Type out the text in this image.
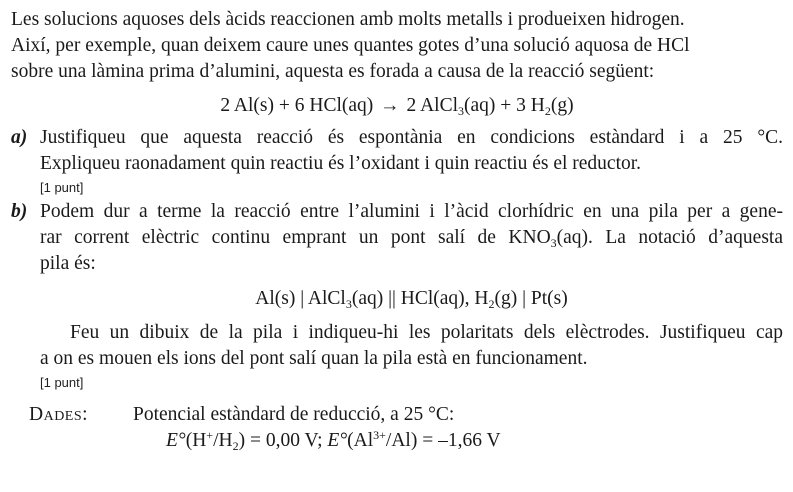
Les solucions aquoses dels àcids reaccionen amb molts metalls i produeixen hidrogen.
Així, per exemple, quan deixem caure unes quantes gotes d’una solució aquosa de HCl
sobre una làmina prima d’alumini, aquesta es forada a causa de la reacció següent:

2 Al(s) + 6 HCl(aq) → 2 AlCl$_3$(aq) + 3 $H_2(g)$
a) Justifiqueu que aquesta reacció és espontània en condicions estàndard i a 25 °C.
Expliqueu raonadament quin reactiu és l’oxidant i quin reactiu és el reductor.
[1 punt]
b) Podem dur a terme la reacció entre l’alumini i l’àcid clorhídric en una pila per a gene-
rar corrent elèctric continu emprant un pont salí de $KNO_3(aq)$. La notació d’aquesta
pila és:
Al(s) | AlCl$_3$(aq) || HCl(aq), $H_2(g)$ | Pt(s)
Feu un dibuix de la pila i indiqueu-hi les polaritats dels elèctrodes. Justifiqueu cap
a on es mouen els ions del pont salí quan la pila està en funcionament.
[1 punt]
Dades: Potencial estàndard de reducció, a 25 °C:
$E^\circ(H^+/H_2) = 0,00$ V; $E^\circ(Al^{3+}/Al) = -1,66$ V
